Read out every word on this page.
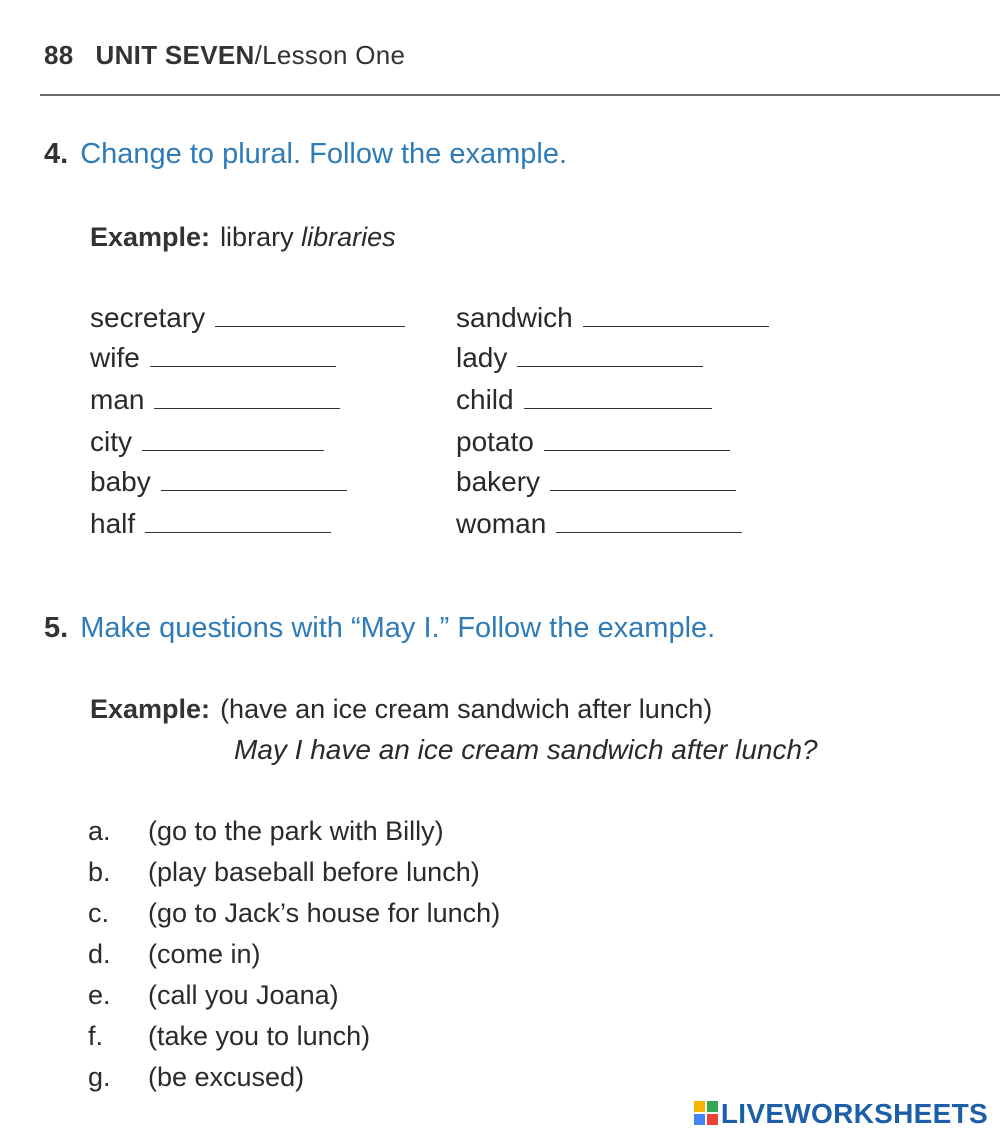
88 UNIT SEVEN/Lesson One
4. Change to plural. Follow the example.
Example: library libraries
secretary
wife
man
city
baby
half
sandwich
lady
child
potato
bakery
woman
5. Make questions with “May I.” Follow the example.
Example: (have an ice cream sandwich after lunch)
May I have an ice cream sandwich after lunch?
a. (go to the park with Billy)
b. (play baseball before lunch)
c. (go to Jack’s house for lunch)
d. (come in)
e. (call you Joana)
f. (take you to lunch)
g. (be excused)
LIVEWORKSHEETS
